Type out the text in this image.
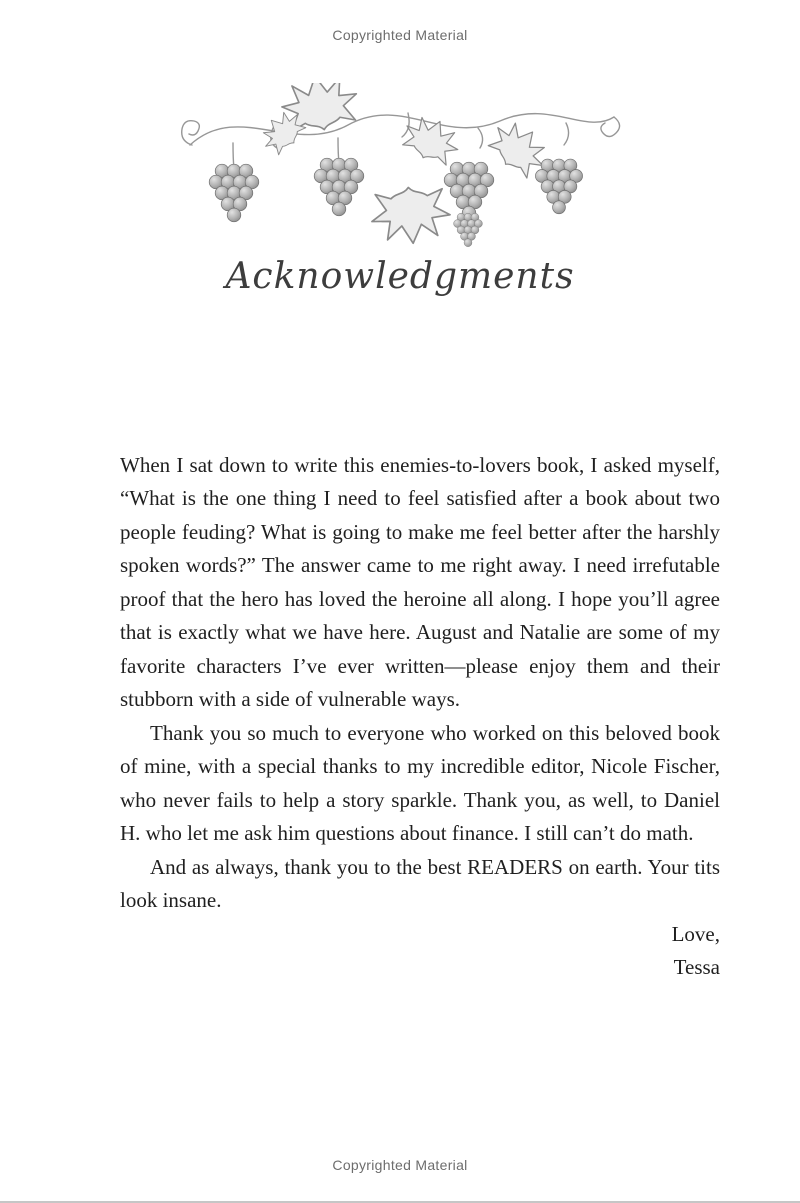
Copyrighted Material
Acknowledgments

When I sat down to write this enemies-to-lovers book, I asked myself, “What is the one thing I need to feel satisfied after a book about two people feuding? What is going to make me feel better after the harshly spoken words?” The answer came to me right away. I need irrefutable proof that the hero has loved the heroine all along. I hope you’ll agree that is exactly what we have here. August and Natalie are some of my favorite characters I’ve ever written—please enjoy them and their stubborn with a side of vulnerable ways.

Thank you so much to everyone who worked on this beloved book of mine, with a special thanks to my incredible editor, Nicole Fischer, who never fails to help a story sparkle. Thank you, as well, to Daniel H. who let me ask him questions about finance. I still can’t do math.

And as always, thank you to the best READERS on earth. Your tits look insane.

Love,
Tessa
Copyrighted Material
